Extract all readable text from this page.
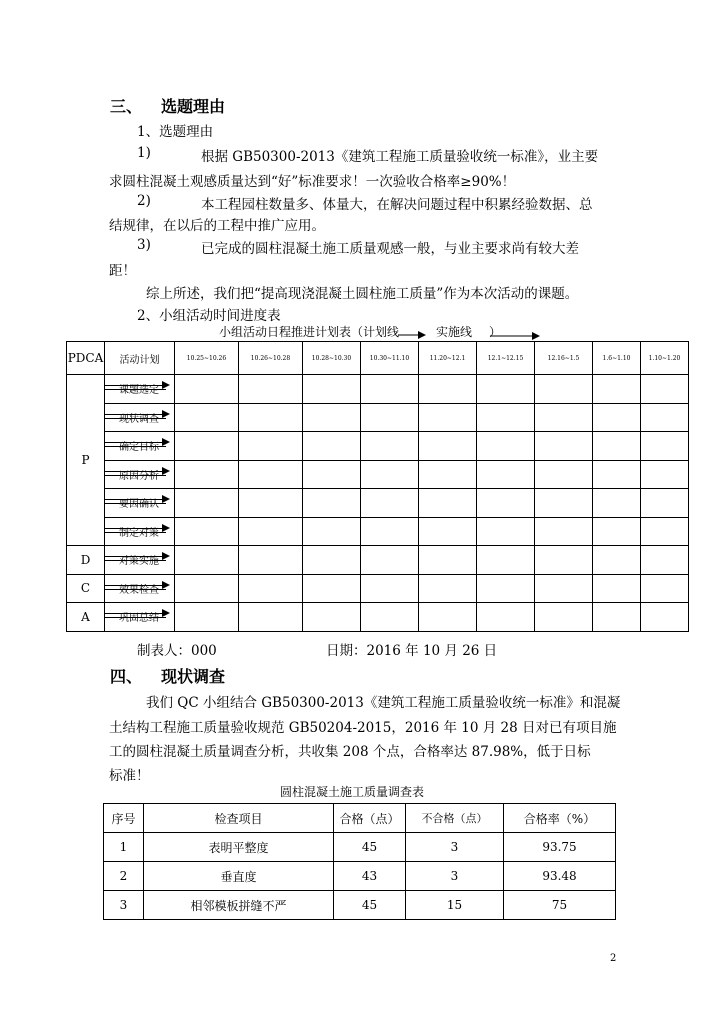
三、 选题理由
1、选题理由
1)	根据 GB50300-2013《建筑工程施工质量验收统一标准》，业主要
求圆柱混凝土观感质量达到“好”标准要求！一次验收合格率≥90%！
2)	本工程园柱数量多、体量大，在解决问题过程中积累经验数据、总
结规律，在以后的工程中推广应用。
3)	已完成的圆柱混凝土施工质量观感一般，与业主要求尚有较大差
距！
综上所述，我们把“提高现浇混凝土圆柱施工质量”作为本次活动的课题。
2、小组活动时间进度表
小组活动日程推进计划表（计划线	实施线 ）
PDCA	活动计划	10.25~10.26	10.26~10.28	10.28~10.30	10.30~11.10	11.20~12.1	12.1~12.15	12.16~1.5	1.6~1.10	1.10~1.20
P	课题选定

	现状调查

	确定目标

	原因分析

	要因确认

	制定对策

D	对策实施

C	效果检查

A	巩固总结

制表人：000	日期：2016 年 10 月 26 日
四、 现状调查
我们 QC 小组结合 GB50300-2013《建筑工程施工质量验收统一标准》和混凝
土结构工程施工质量验收规范 GB50204-2015，2016 年 10 月 28 日对已有项目施
工的圆柱混凝土质量调查分析，共收集 208 个点，合格率达 87.98%，低于日标
标准！
圆柱混凝土施工质量调查表
序号	检查项目	合格（点）	不合格（点）	合格率（%）
1	表明平整度	45	3	93.75
2	垂直度	43	3	93.48
3	相邻模板拼缝不严	45	15	75
2
